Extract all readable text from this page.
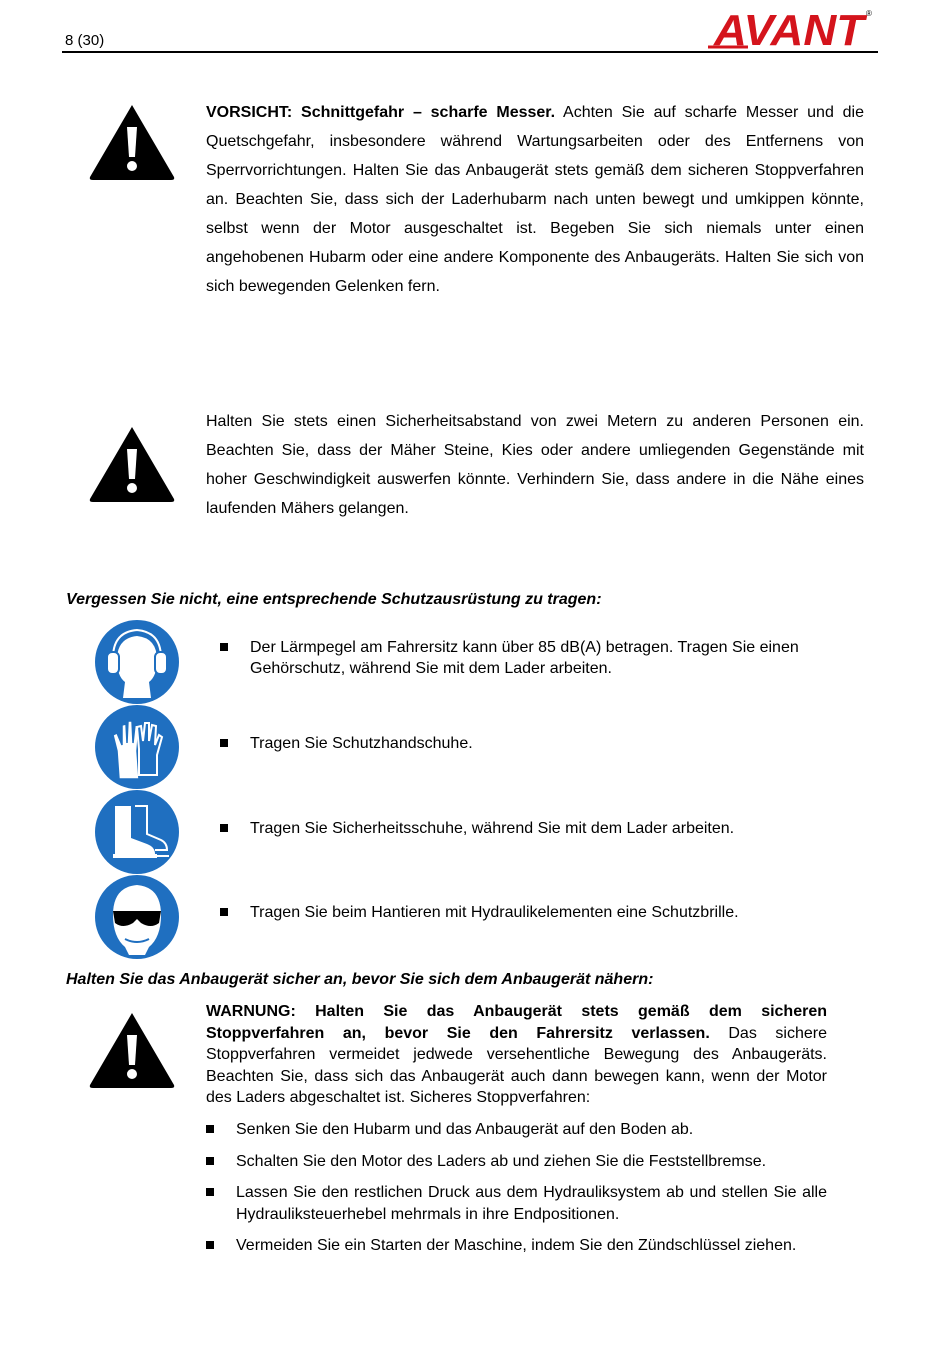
8 (30)	AVANT
®
VORSICHT: Schnittgefahr – scharfe Messer. Achten Sie auf scharfe Messer und die Quetschgefahr, insbesondere während Wartungsarbeiten oder des Entfernens von Sperrvorrichtungen. Halten Sie das Anbaugerät stets gemäß dem sicheren Stoppverfahren an. Beachten Sie, dass sich der Laderhubarm nach unten bewegt und umkippen könnte, selbst wenn der Motor ausgeschaltet ist. Begeben Sie sich niemals unter einen angehobenen Hubarm oder eine andere Komponente des Anbaugeräts. Halten Sie sich von sich bewegenden Gelenken fern.
Halten Sie stets einen Sicherheitsabstand von zwei Metern zu anderen Personen ein. Beachten Sie, dass der Mäher Steine, Kies oder andere umliegenden Gegenstände mit hoher Geschwindigkeit auswerfen könnte. Verhindern Sie, dass andere in die Nähe eines laufenden Mähers gelangen.
Vergessen Sie nicht, eine entsprechende Schutzausrüstung zu tragen:
Der Lärmpegel am Fahrersitz kann über 85 dB(A) betragen. Tragen Sie einen Gehörschutz, während Sie mit dem Lader arbeiten.
Tragen Sie Schutzhandschuhe.
Tragen Sie Sicherheitsschuhe, während Sie mit dem Lader arbeiten.
Tragen Sie beim Hantieren mit Hydraulikelementen eine Schutzbrille.
Halten Sie das Anbaugerät sicher an, bevor Sie sich dem Anbaugerät nähern:
WARNUNG: Halten Sie das Anbaugerät stets gemäß dem sicheren Stoppverfahren an, bevor Sie den Fahrersitz verlassen. Das sichere Stoppverfahren vermeidet jedwede versehentliche Bewegung des Anbaugeräts. Beachten Sie, dass sich das Anbaugerät auch dann bewegen kann, wenn der Motor des Laders abgeschaltet ist. Sicheres Stoppverfahren:
Senken Sie den Hubarm und das Anbaugerät auf den Boden ab.
Schalten Sie den Motor des Laders ab und ziehen Sie die Feststellbremse.
Lassen Sie den restlichen Druck aus dem Hydrauliksystem ab und stellen Sie alle Hydrauliksteuerhebel mehrmals in ihre Endpositionen.
Vermeiden Sie ein Starten der Maschine, indem Sie den Zündschlüssel ziehen.
